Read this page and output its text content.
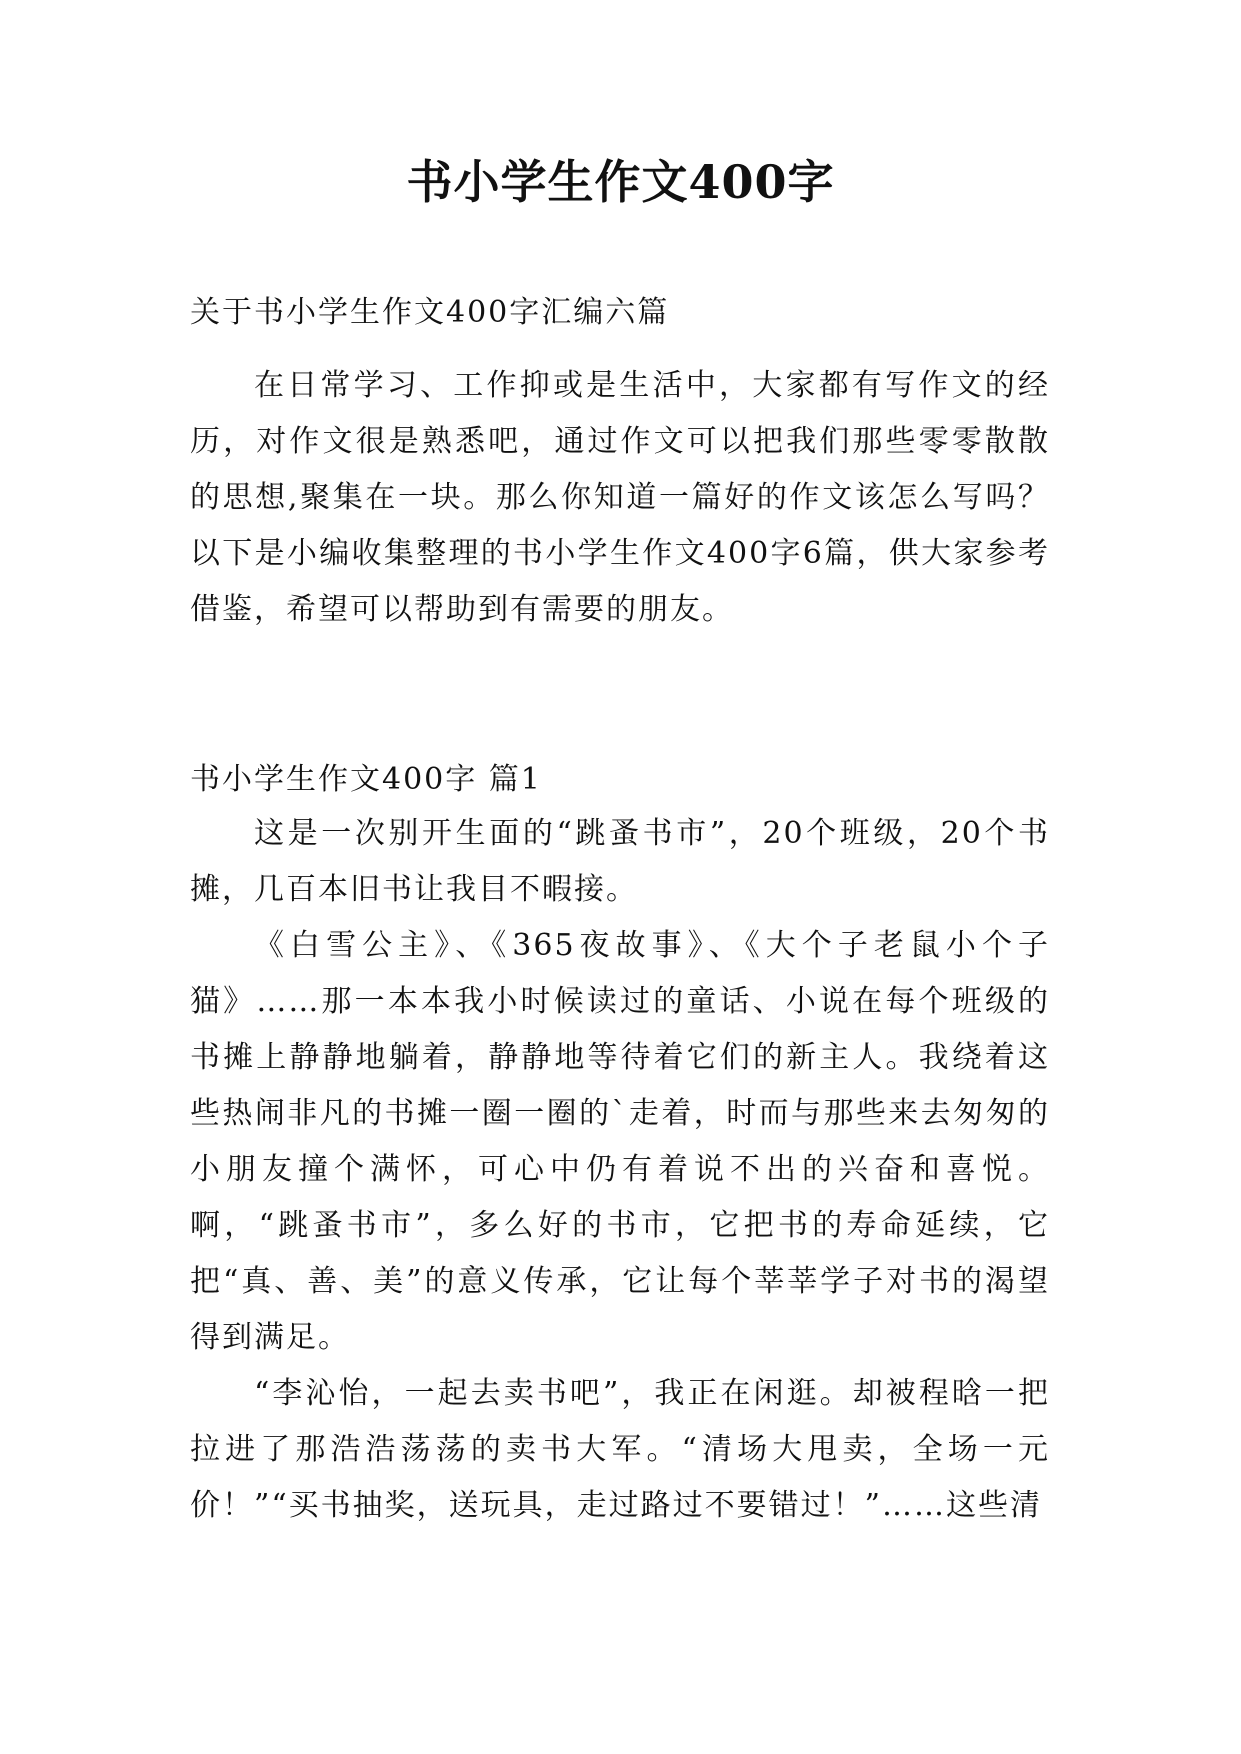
书小学生作文400字
关于书小学生作文400字汇编六篇

在日常学习、工作抑或是生活中，大家都有写作文的经历，对作文很是熟悉吧，通过作文可以把我们那些零零散散的思想,聚集在一块。那么你知道一篇好的作文该怎么写吗？以下是小编收集整理的书小学生作文400字6篇，供大家参考借鉴，希望可以帮助到有需要的朋友。

书小学生作文400字 篇1

这是一次别开生面的“跳蚤书市”，20个班级，20个书摊，几百本旧书让我目不暇接。

《白雪公主》、《365夜故事》、《大个子老鼠小个子猫》……那一本本我小时候读过的童话、小说在每个班级的书摊上静静地躺着，静静地等待着它们的新主人。我绕着这些热闹非凡的书摊一圈一圈的`走着，时而与那些来去匆匆的小朋友撞个满怀，可心中仍有着说不出的兴奋和喜悦。啊，“跳蚤书市”，多么好的书市，它把书的寿命延续，它把“真、善、美”的意义传承，它让每个莘莘学子对书的渴望得到满足。

“李沁怡，一起去卖书吧”，我正在闲逛。却被程晗一把拉进了那浩浩荡荡的卖书大军。“清场大甩卖，全场一元价！”“买书抽奖，送玩具，走过路过不要错过！”……这些清
